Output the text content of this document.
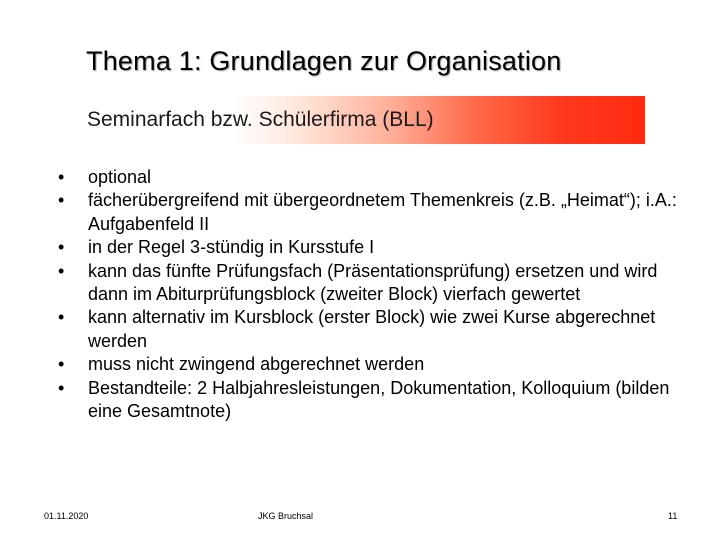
Thema 1: Grundlagen zur Organisation
Seminarfach bzw. Schülerfirma (BLL)
•	optional
•	fächerübergreifend mit übergeordnetem Themenkreis (z.B. „Heimat“); i.A.: Aufgabenfeld II
•	in der Regel 3-stündig in Kursstufe I
•	kann das fünfte Prüfungsfach (Präsentationsprüfung) ersetzen und wird dann im Abiturprüfungsblock (zweiter Block) vierfach gewertet
•	kann alternativ im Kursblock (erster Block) wie zwei Kurse abgerechnet werden
•	muss nicht zwingend abgerechnet werden
•	Bestandteile: 2 Halbjahresleistungen, Dokumentation, Kolloquium (bilden eine Gesamtnote)
01.11.2020	JKG Bruchsal	11
